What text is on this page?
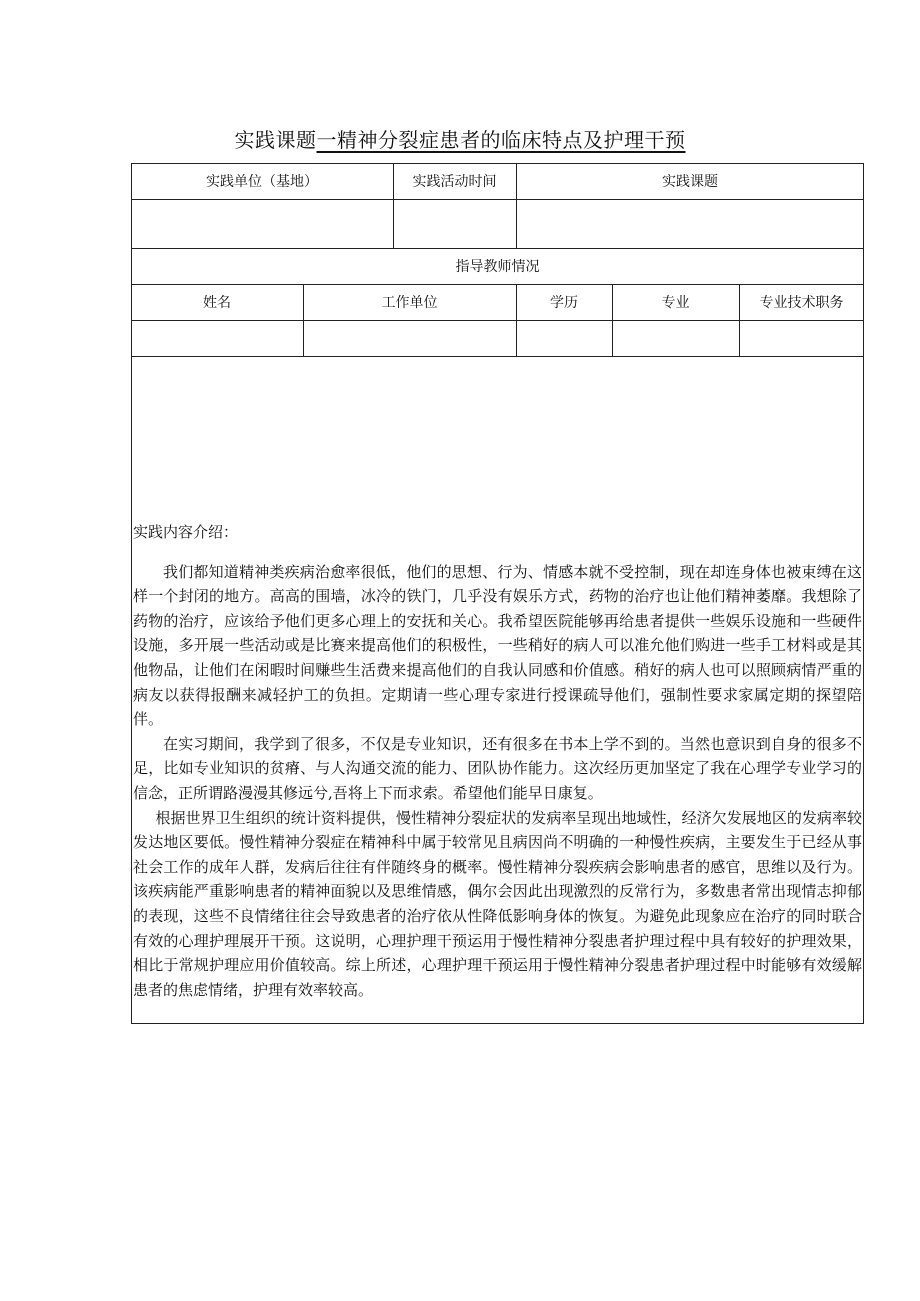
实践课题一精神分裂症患者的临床特点及护理干预
实践单位（基地）	实践活动时间	实践课题
指导教师情况
姓名	工作单位	学历	专业	专业技术职务
实践内容介绍：

我们都知道精神类疾病治愈率很低，他们的思想、行为、情感本就不受控制，现在却连身体也被束缚在这样一个封闭的地方。高高的围墙，冰冷的铁门，几乎没有娱乐方式，药物的治疗也让他们精神萎靡。我想除了药物的治疗，应该给予他们更多心理上的安抚和关心。我希望医院能够再给患者提供一些娱乐设施和一些硬件设施，多开展一些活动或是比赛来提高他们的积极性，一些稍好的病人可以准允他们购进一些手工材料或是其他物品，让他们在闲暇时间赚些生活费来提高他们的自我认同感和价值感。稍好的病人也可以照顾病情严重的病友以获得报酬来减轻护工的负担。定期请一些心理专家进行授课疏导他们，强制性要求家属定期的探望陪伴。

在实习期间，我学到了很多，不仅是专业知识，还有很多在书本上学不到的。当然也意识到自身的很多不足，比如专业知识的贫瘠、与人沟通交流的能力、团队协作能力。这次经历更加坚定了我在心理学专业学习的信念，正所谓路漫漫其修远兮,吾将上下而求索。希望他们能早日康复。

根据世界卫生组织的统计资料提供，慢性精神分裂症状的发病率呈现出地域性，经济欠发展地区的发病率较发达地区要低。慢性精神分裂症在精神科中属于较常见且病因尚不明确的一种慢性疾病，主要发生于已经从事社会工作的成年人群，发病后往往有伴随终身的概率。慢性精神分裂疾病会影响患者的感官，思维以及行为。该疾病能严重影响患者的精神面貌以及思维情感，偶尔会因此出现激烈的反常行为，多数患者常出现情志抑郁的表现，这些不良情绪往往会导致患者的治疗依从性降低影响身体的恢复。为避免此现象应在治疗的同时联合有效的心理护理展开干预。这说明，心理护理干预运用于慢性精神分裂患者护理过程中具有较好的护理效果，相比于常规护理应用价值较高。综上所述，心理护理干预运用于慢性精神分裂患者护理过程中时能够有效缓解患者的焦虑情绪，护理有效率较高。
